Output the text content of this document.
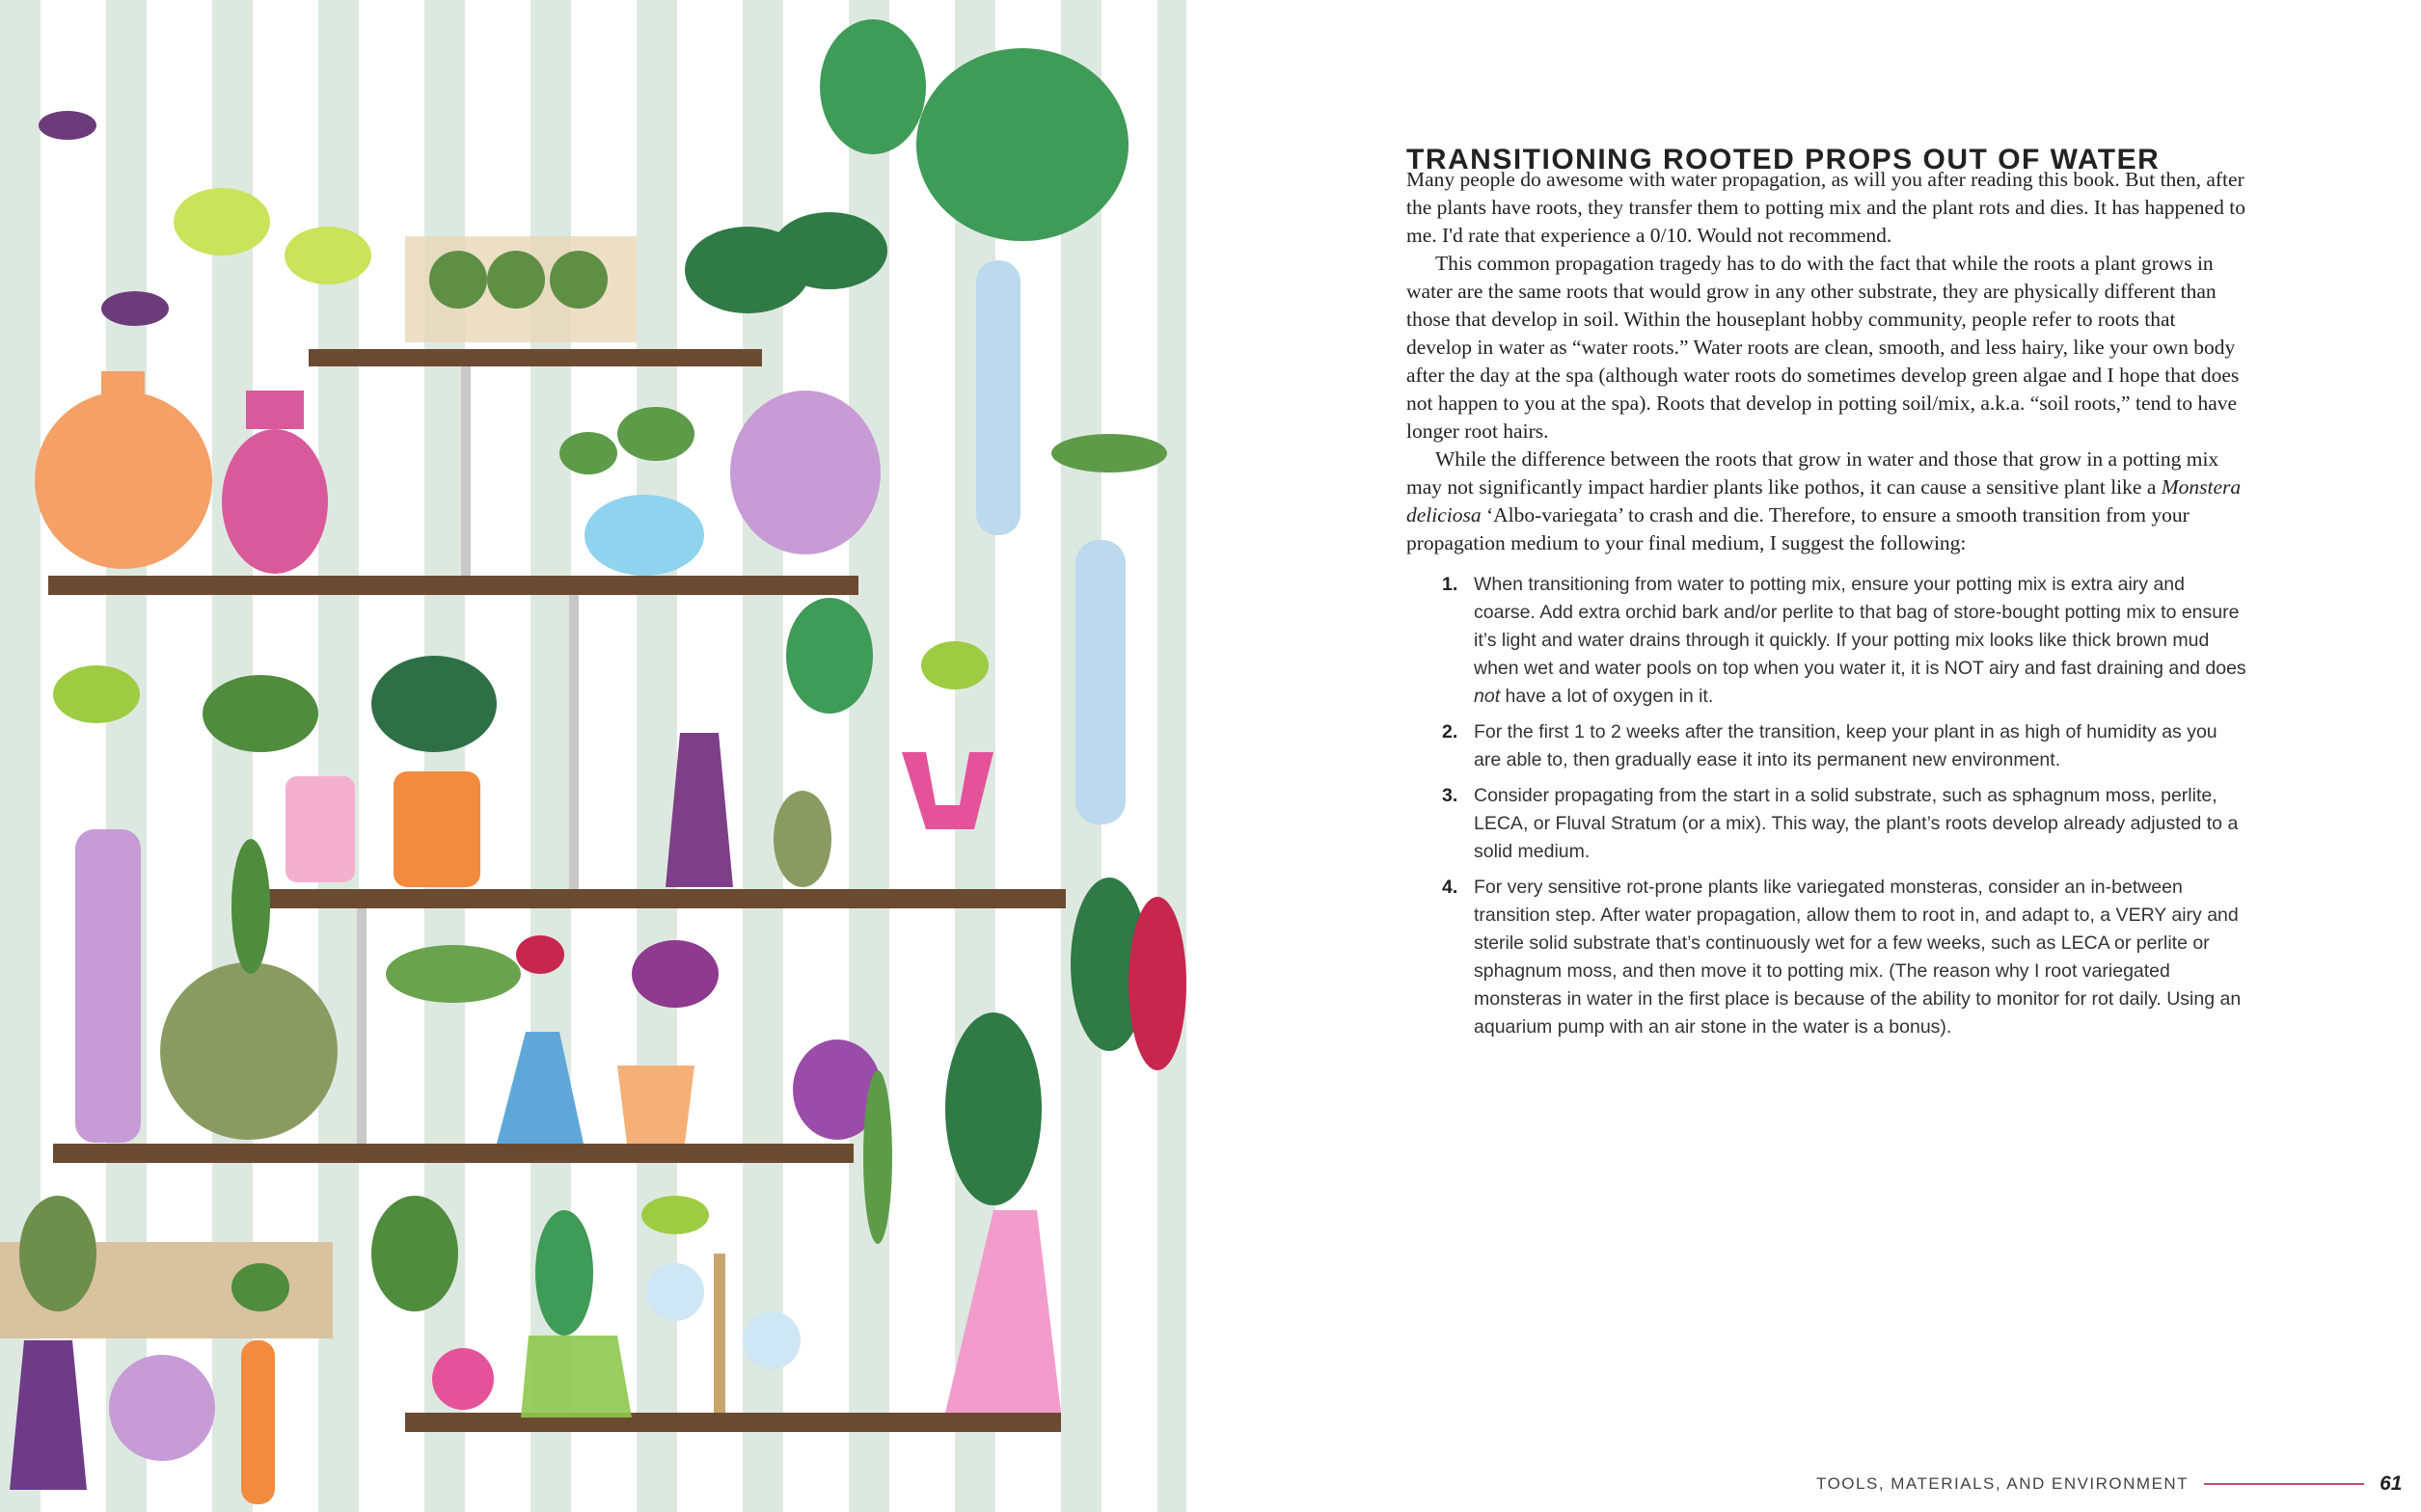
TRANSITIONING ROOTED PROPS OUT OF WATER

Many people do awesome with water propagation, as will you after reading this book. But then, after the plants have roots, they transfer them to potting mix and the plant rots and dies. It has happened to me. I'd rate that experience a 0/10. Would not recommend.

This common propagation tragedy has to do with the fact that while the roots a plant grows in water are the same roots that would grow in any other substrate, they are physically different than those that develop in soil. Within the houseplant hobby community, people refer to roots that develop in water as “water roots.” Water roots are clean, smooth, and less hairy, like your own body after the day at the spa (although water roots do sometimes develop green algae and I hope that does not happen to you at the spa). Roots that develop in potting soil/mix, a.k.a. “soil roots,” tend to have longer root hairs.

While the difference between the roots that grow in water and those that grow in a potting mix may not significantly impact hardier plants like pothos, it can cause a sensitive plant like a Monstera deliciosa ‘Albo-variegata’ to crash and die. Therefore, to ensure a smooth transition from your propagation medium to your final medium, I suggest the following:

1. When transitioning from water to potting mix, ensure your potting mix is extra airy and coarse. Add extra orchid bark and/or perlite to that bag of store-bought potting mix to ensure it’s light and water drains through it quickly. If your potting mix looks like thick brown mud when wet and water pools on top when you water it, it is NOT airy and fast draining and does not have a lot of oxygen in it.
2. For the first 1 to 2 weeks after the transition, keep your plant in as high of humidity as you are able to, then gradually ease it into its permanent new environment.
3. Consider propagating from the start in a solid substrate, such as sphagnum moss, perlite, LECA, or Fluval Stratum (or a mix). This way, the plant’s roots develop already adjusted to a solid medium.
4. For very sensitive rot-prone plants like variegated monsteras, consider an in-between transition step. After water propagation, allow them to root in, and adapt to, a VERY airy and sterile solid substrate that’s continuously wet for a few weeks, such as LECA or perlite or sphagnum moss, and then move it to potting mix. (The reason why I root variegated monsteras in water in the first place is because of the ability to monitor for rot daily. Using an aquarium pump with an air stone in the water is a bonus).
TOOLS, MATERIALS, AND ENVIRONMENT	61
